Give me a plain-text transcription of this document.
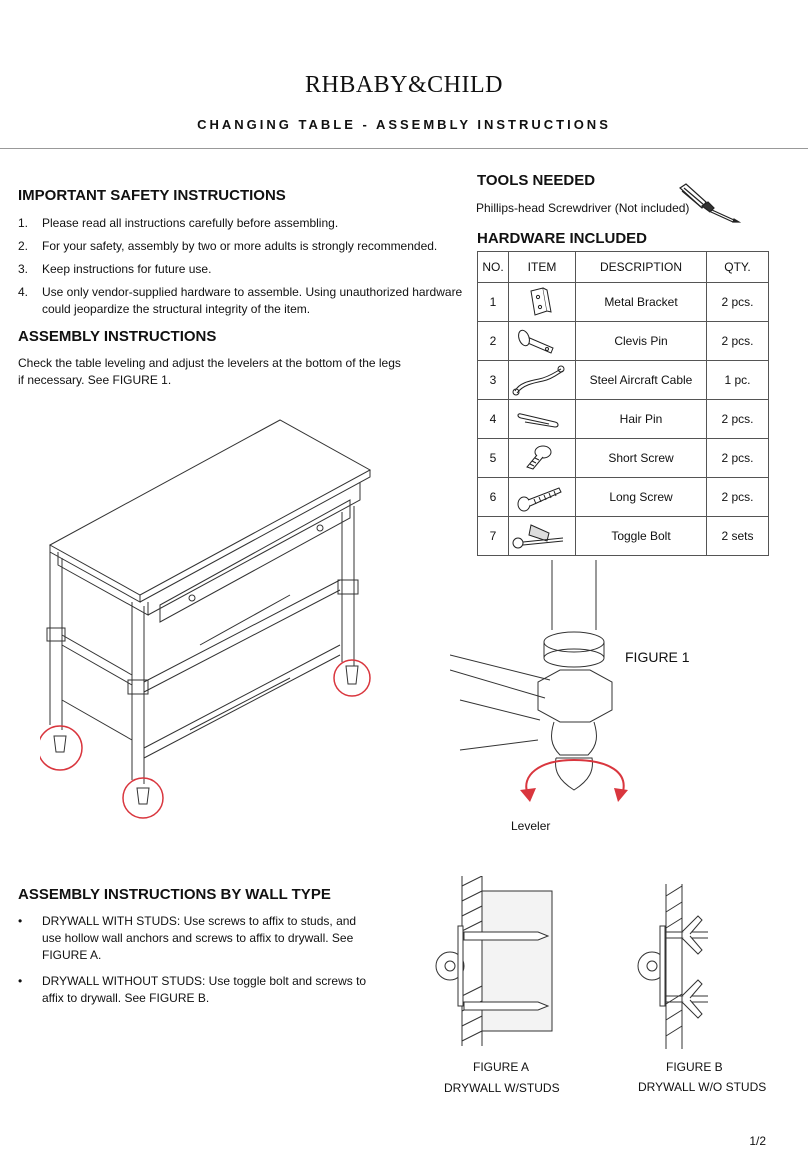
RHBABY&CHILD
CHANGING TABLE - ASSEMBLY INSTRUCTIONS
IMPORTANT SAFETY INSTRUCTIONS
1. Please read all instructions carefully before assembling.
2. For your safety, assembly by two or more adults is strongly recommended.
3. Keep instructions for future use.
4. Use only vendor-supplied hardware to assemble. Using unauthorized hardware could jeopardize the structural integrity of the item.
ASSEMBLY INSTRUCTIONS
Check the table leveling and adjust the levelers at the bottom of the legs
if necessary. See FIGURE 1.
TOOLS NEEDED
Phillips-head Screwdriver (Not included)
HARDWARE INCLUDED
NO.	ITEM	DESCRIPTION	QTY.
1		Metal Bracket	2 pcs.
2		Clevis Pin	2 pcs.
3		Steel Aircraft Cable	1 pc.
4		Hair Pin	2 pcs.
5		Short Screw	2 pcs.
6		Long Screw	2 pcs.
7		Toggle Bolt	2 sets
FIGURE 1
Leveler
ASSEMBLY INSTRUCTIONS BY WALL TYPE
• DRYWALL WITH STUDS: Use screws to affix to studs, and use hollow wall anchors and screws to affix to drywall. See FIGURE A.
• DRYWALL WITHOUT STUDS: Use toggle bolt and screws to affix to drywall. See FIGURE B.
FIGURE A
DRYWALL W/STUDS
FIGURE B
DRYWALL W/O STUDS
1/2
